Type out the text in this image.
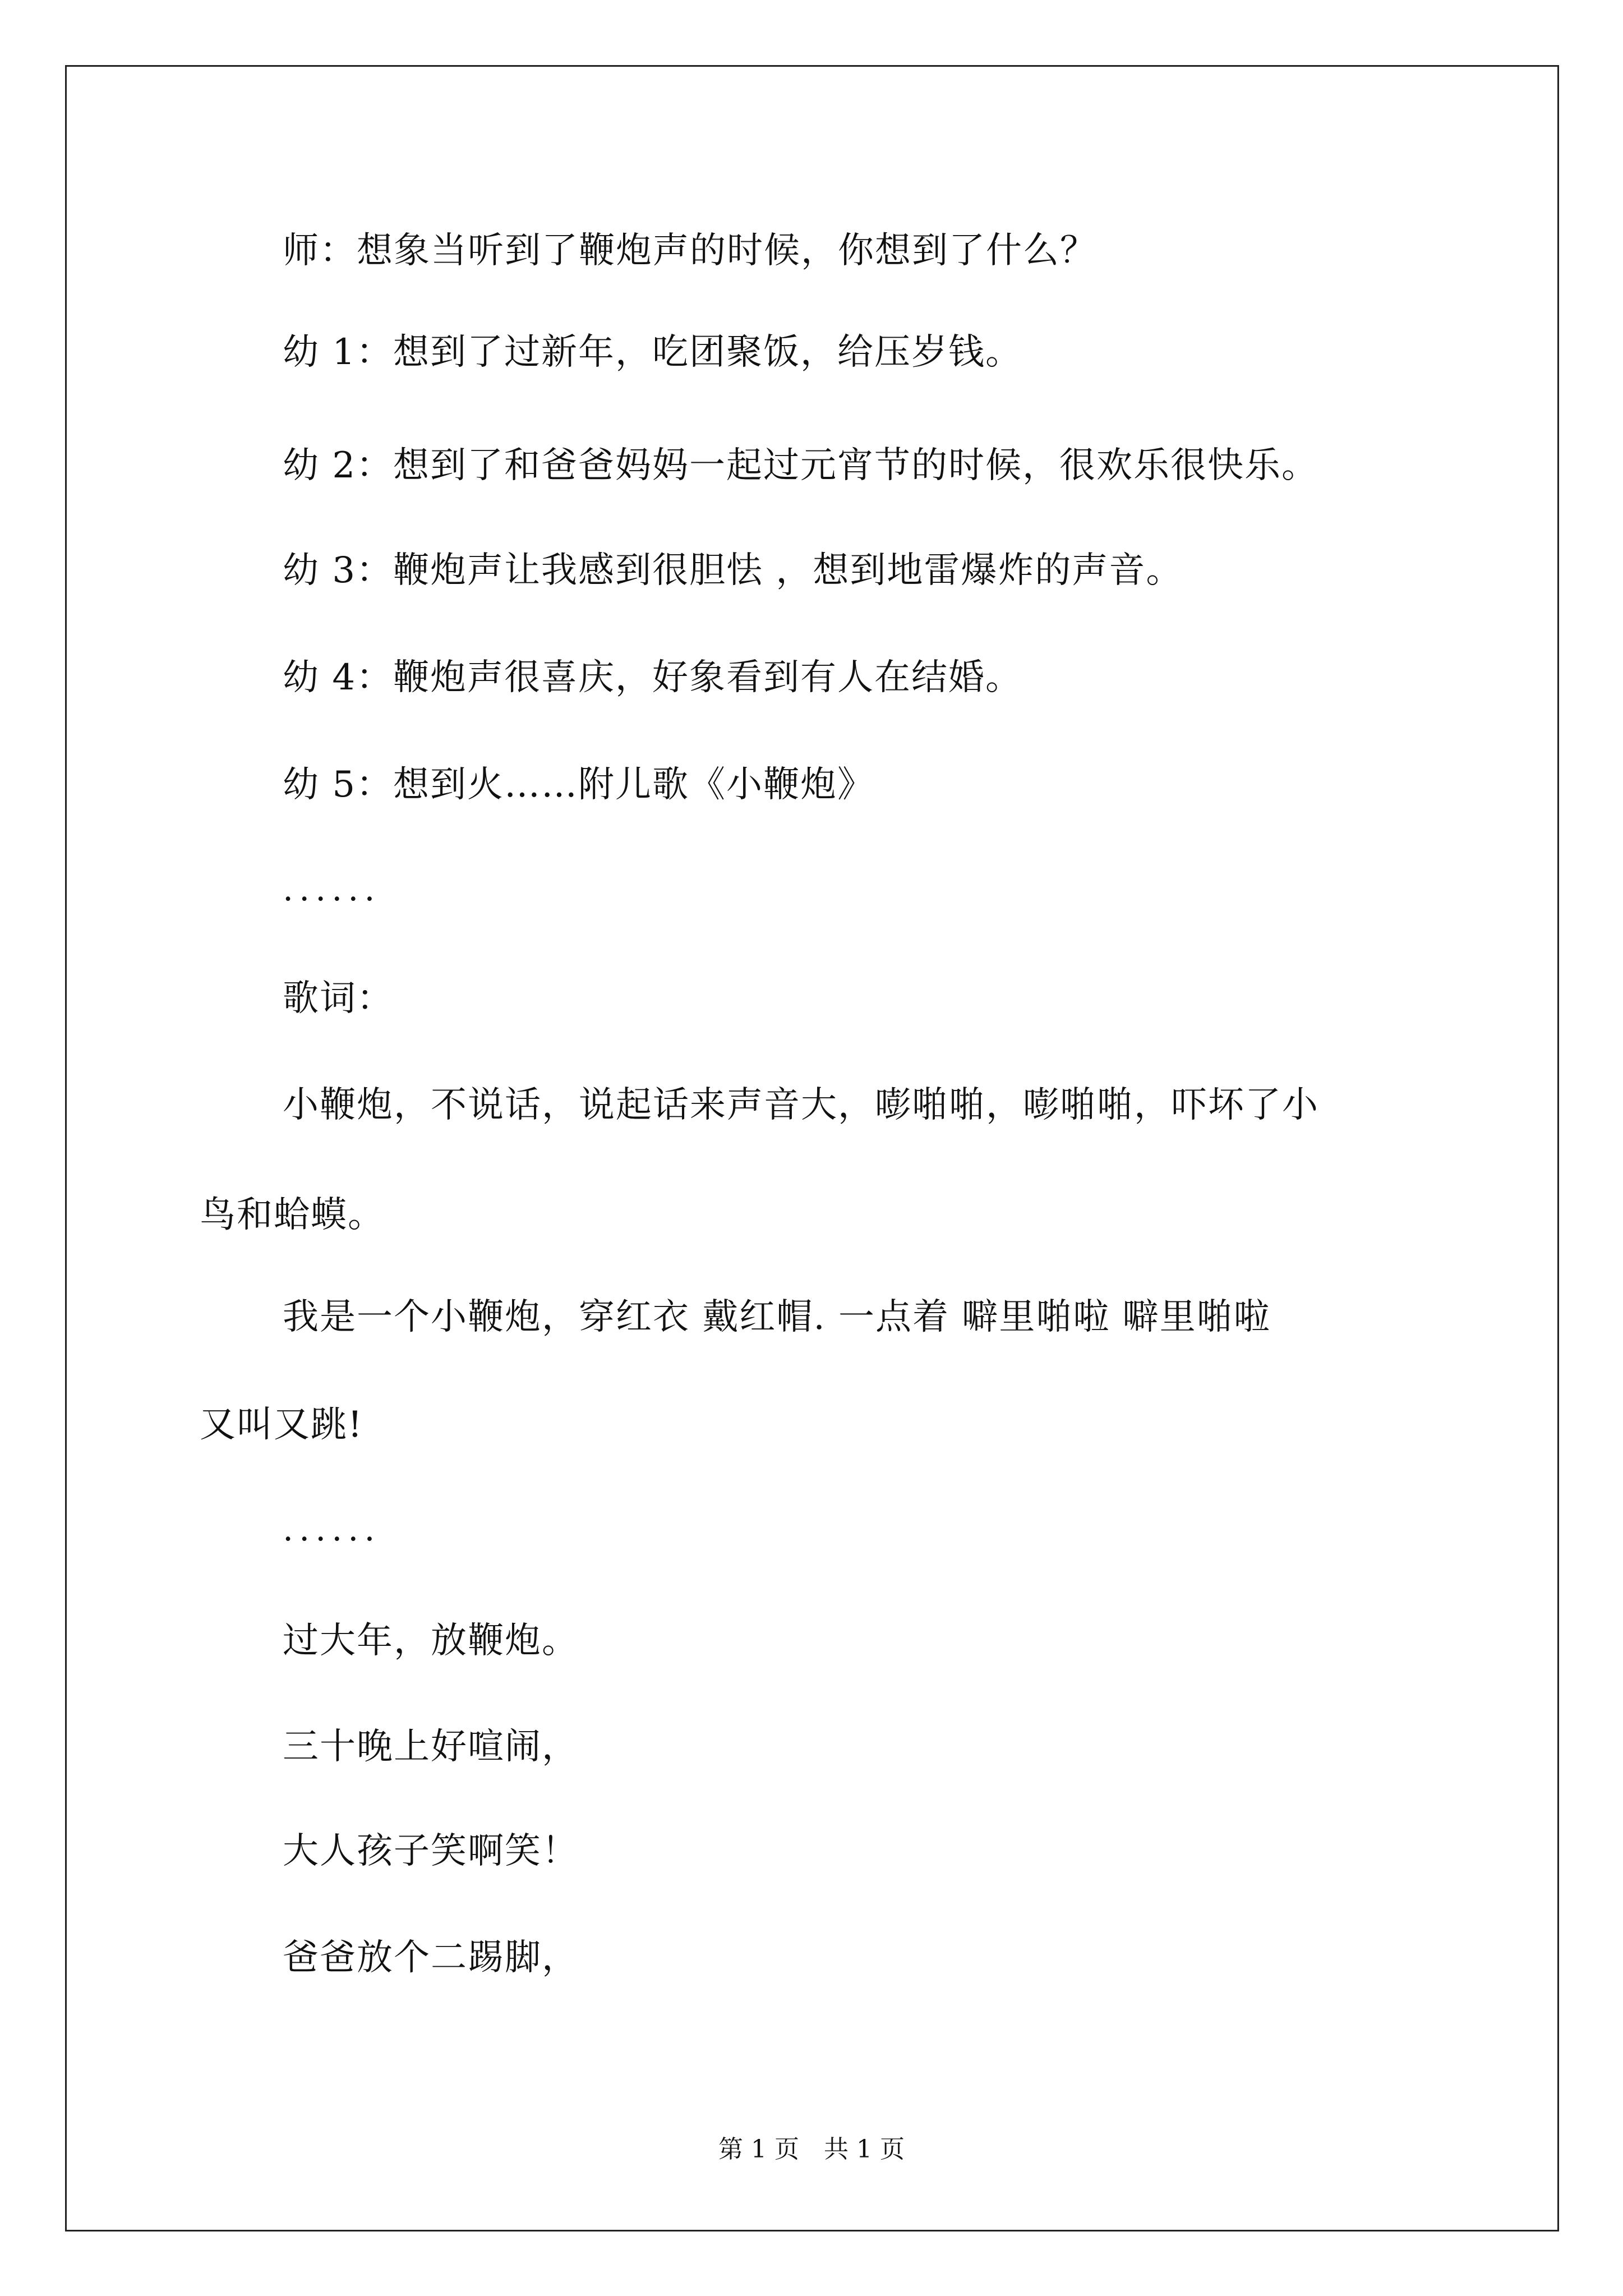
师：想象当听到了鞭炮声的时候，你想到了什么？
幼 1：想到了过新年，吃团聚饭，给压岁钱。
幼 2：想到了和爸爸妈妈一起过元宵节的时候，很欢乐很快乐。
幼 3：鞭炮声让我感到很胆怯 ，想到地雷爆炸的声音。
幼 4：鞭炮声很喜庆，好象看到有人在结婚。
幼 5：想到火……附儿歌《小鞭炮》
......
歌词：
小鞭炮，不说话，说起话来声音大，嘭啪啪，嘭啪啪，吓坏了小
鸟和蛤蟆。
我是一个小鞭炮，穿红衣 戴红帽. 一点着 噼里啪啦 噼里啪啦
又叫又跳!
......
过大年，放鞭炮。
三十晚上好喧闹，
大人孩子笑啊笑！
爸爸放个二踢脚，
第 1 页　共 1 页
